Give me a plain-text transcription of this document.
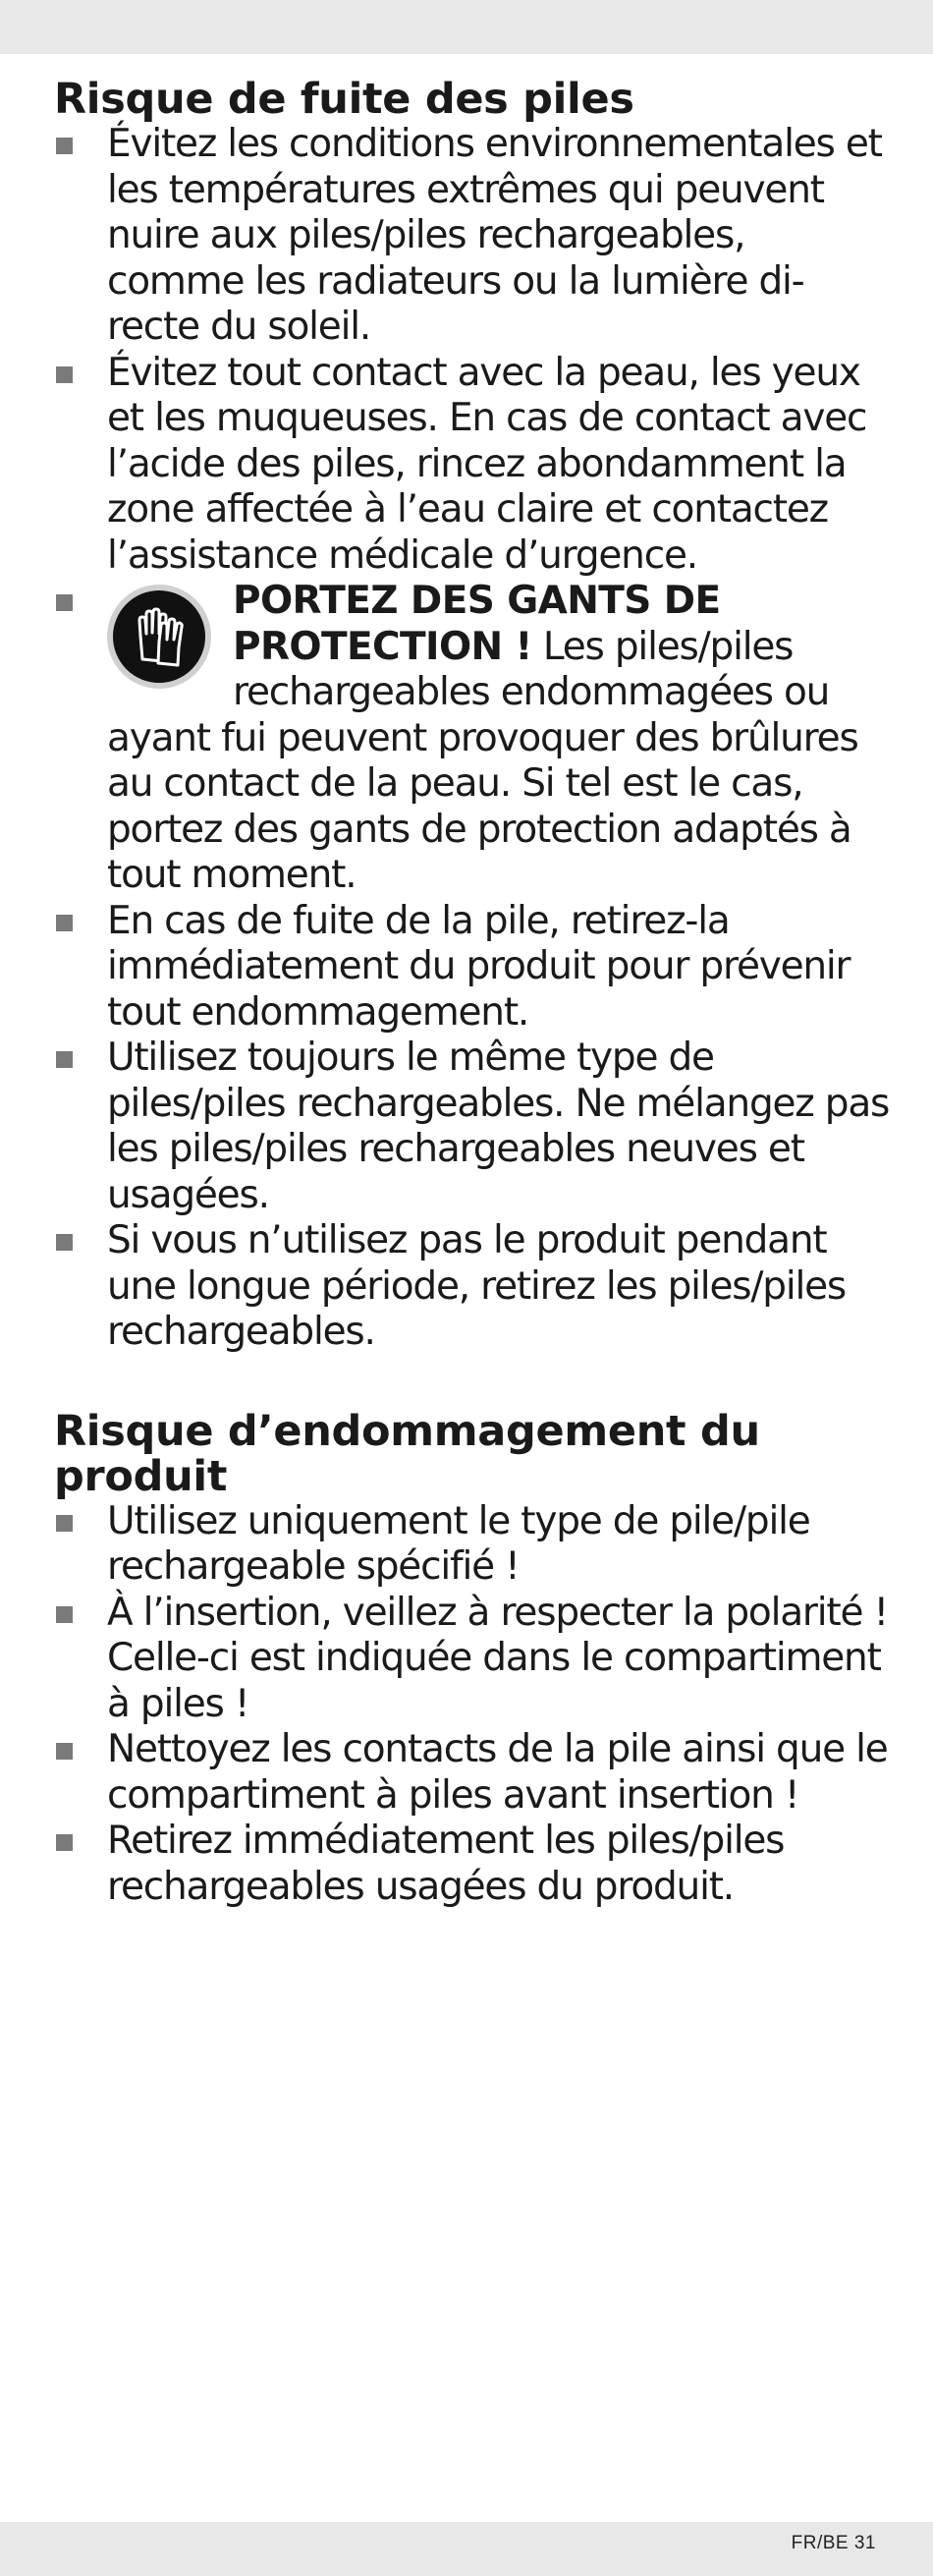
Risque de fuite des piles
Évitez les conditions environnementales et les températures extrêmes qui peuvent nuire aux piles/piles rechargeables, comme les radiateurs ou la lumière di-recte du soleil.
Évitez tout contact avec la peau, les yeux et les muqueuses. En cas de contact avec l’acide des piles, rincez abondamment la zone affectée à l’eau claire et contactez l’assistance médicale d’urgence.
PORTEZ DES GANTS DE PROTECTION ! Les piles/piles rechargeables endommagées ou ayant fui peuvent provoquer des brûlures au contact de la peau. Si tel est le cas, portez des gants de protection adaptés à tout moment.
En cas de fuite de la pile, retirez-la immédiatement du produit pour prévenir tout endommagement.
Utilisez toujours le même type de piles/piles rechargeables. Ne mélangez pas les piles/piles rechargeables neuves et usagées.
Si vous n’utilisez pas le produit pendant une longue période, retirez les piles/piles rechargeables.
Risque d’endommagement du produit
Utilisez uniquement le type de pile/pile rechargeable spécifié !
À l’insertion, veillez à respecter la polarité ! Celle-ci est indiquée dans le compartiment à piles !
Nettoyez les contacts de la pile ainsi que le compartiment à piles avant insertion !
Retirez immédiatement les piles/piles rechargeables usagées du produit.
FR/BE 31
